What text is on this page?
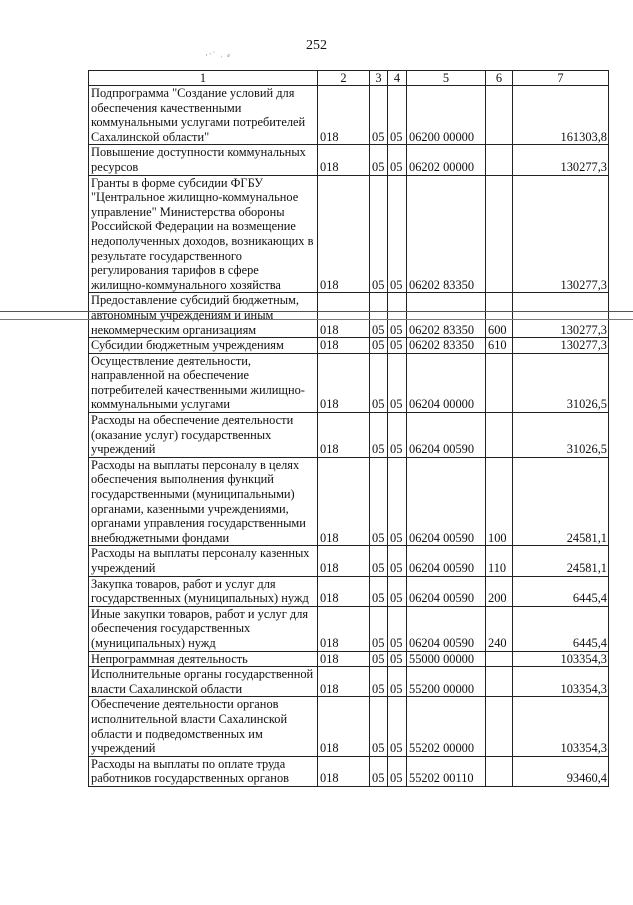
252
·ˑ˙ ˒ ⸗
1	2	3	4	5	6	7
Подпрограмма "Создание условий для обеспечения качественными коммунальными услугами потребителей Сахалинской области"	018	05	05	06200 00000		161303,8
Повышение доступности коммунальных ресурсов	018	05	05	06202 00000		130277,3
Гранты в форме субсидии ФГБУ "Центральное жилищно-коммунальное управление" Министерства обороны Российской Федерации на возмещение недополученных доходов, возникающих в результате государственного регулирования тарифов в сфере жилищно-коммунального хозяйства	018	05	05	06202 83350		130277,3
Предоставление субсидий бюджетным, автономным учреждениям и иным некоммерческим организациям	018	05	05	06202 83350	600	130277,3
Субсидии бюджетным учреждениям	018	05	05	06202 83350	610	130277,3
Осуществление деятельности, направленной на обеспечение потребителей качественными жилищно-коммунальными услугами	018	05	05	06204 00000		31026,5
Расходы на обеспечение деятельности (оказание услуг) государственных учреждений	018	05	05	06204 00590		31026,5
Расходы на выплаты персоналу в целях обеспечения выполнения функций государственными (муниципальными) органами, казенными учреждениями, органами управления государственными внебюджетными фондами	018	05	05	06204 00590	100	24581,1
Расходы на выплаты персоналу казенных учреждений	018	05	05	06204 00590	110	24581,1
Закупка товаров, работ и услуг для государственных (муниципальных) нужд	018	05	05	06204 00590	200	6445,4
Иные закупки товаров, работ и услуг для обеспечения государственных (муниципальных) нужд	018	05	05	06204 00590	240	6445,4
Непрограммная деятельность	018	05	05	55000 00000		103354,3
Исполнительные органы государственной власти Сахалинской области	018	05	05	55200 00000		103354,3
Обеспечение деятельности органов исполнительной власти Сахалинской области и подведомственных им учреждений	018	05	05	55202 00000		103354,3
Расходы на выплаты по оплате труда работников государственных органов	018	05	05	55202 00110		93460,4
